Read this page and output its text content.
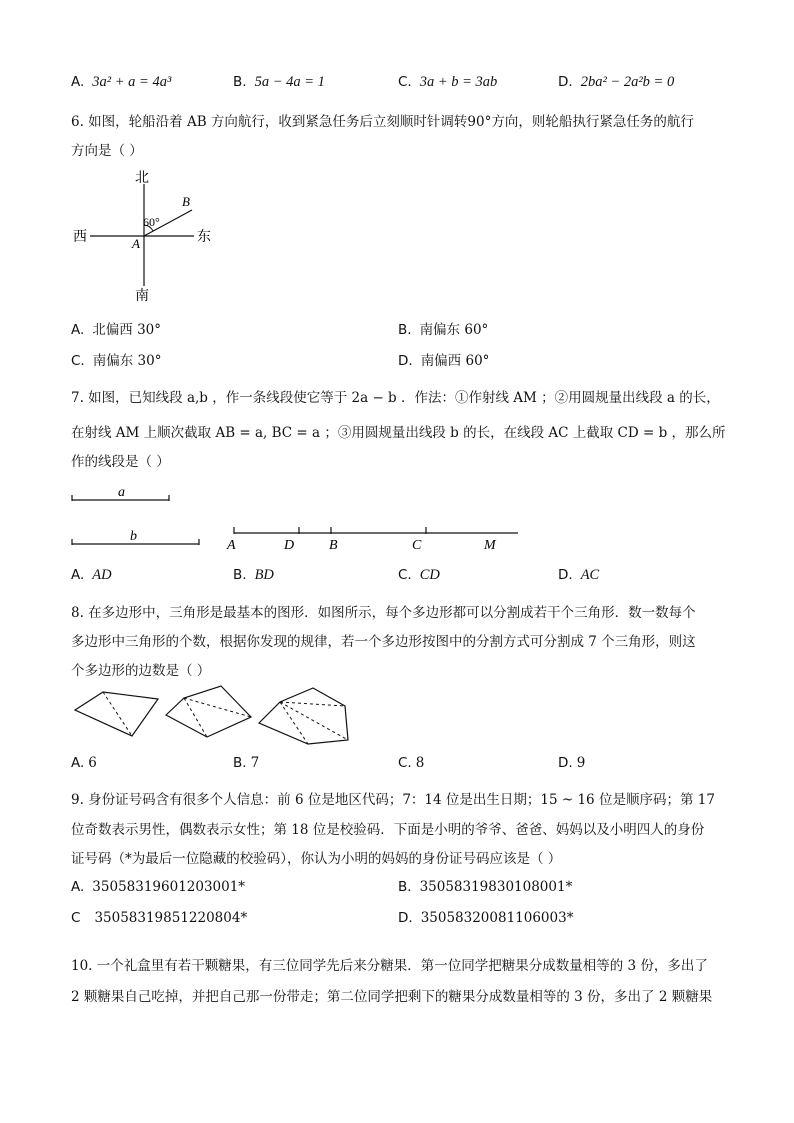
A. 3a² + a = 4a³	B. 5a − 4a = 1	C. 3a + b = 3ab	D. 2ba² − 2a²b = 0
6. 如图，轮船沿着 AB 方向航行，收到紧急任务后立刻顺时针调转90°方向，则轮船执行紧急任务的航行
方向是（ ）
北
南
西	东
A
B
60°
A. 北偏西 30°	B. 南偏东 60°
C. 南偏东 30°	D. 南偏西 60°
7. 如图，已知线段 a,b ，作一条线段使它等于 2a − b ．作法：①作射线 AM ；②用圆规量出线段 a 的长，
在射线 AM 上顺次截取 AB = a, BC = a ；③用圆规量出线段 b 的长，在线段 AC 上截取 CD = b ，那么所
作的线段是（ ）
a
b
A	D B	C	M
A. AD	B. BD	C. CD	D. AC
8. 在多边形中，三角形是最基本的图形．如图所示，每个多边形都可以分割成若干个三角形．数一数每个
多边形中三角形的个数，根据你发现的规律，若一个多边形按图中的分割方式可分割成 7 个三角形，则这
个多边形的边数是（ ）
A. 6	B. 7	C. 8	D. 9
9. 身份证号码含有很多个人信息：前 6 位是地区代码；7：14 位是出生日期；15 ~ 16 位是顺序码；第 17
位奇数表示男性，偶数表示女性；第 18 位是校验码．下面是小明的爷爷、爸爸、妈妈以及小明四人的身份
证号码（*为最后一位隐藏的校验码），你认为小明的妈妈的身份证号码应该是（ ）
A. 35058319601203001*	B. 35058319830108001*
C 35058319851220804*	D. 35058320081106003*
10. 一个礼盒里有若干颗糖果，有三位同学先后来分糖果．第一位同学把糖果分成数量相等的 3 份，多出了
2 颗糖果自己吃掉，并把自己那一份带走；第二位同学把剩下的糖果分成数量相等的 3 份，多出了 2 颗糖果
